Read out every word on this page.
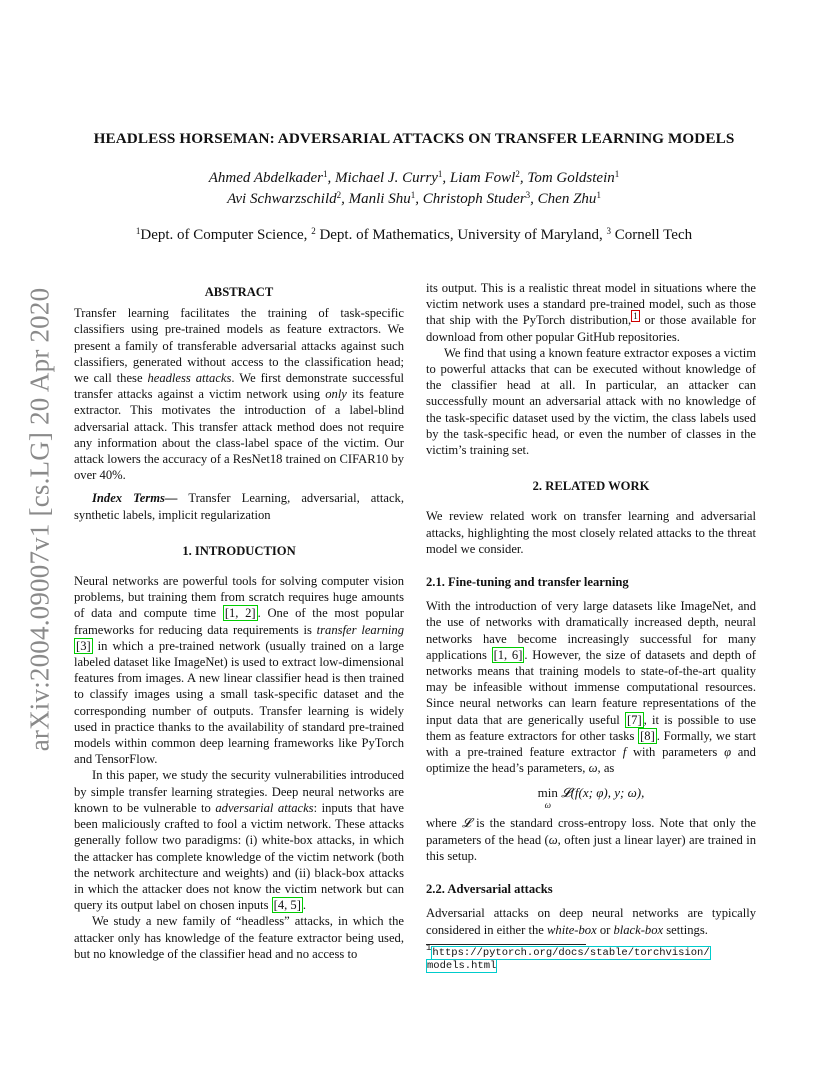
arXiv:2004.09007v1 [cs.LG] 20 Apr 2020
HEADLESS HORSEMAN: ADVERSARIAL ATTACKS ON TRANSFER LEARNING MODELS
Ahmed Abdelkader$^1$, Michael J. Curry$^1$, Liam Fowl$^2$, Tom Goldstein$^1$
Avi Schwarzschild$^2$, Manli Shu$^1$, Christoph Studer$^3$, Chen Zhu$^1$
$^1$Dept. of Computer Science, $^2$ Dept. of Mathematics, University of Maryland, $^3$ Cornell Tech

ABSTRACT

Transfer learning facilitates the training of task-specific classifiers using pre-trained models as feature extractors. We present a family of transferable adversarial attacks against such classifiers, generated without access to the classification head; we call these headless attacks. We first demonstrate successful transfer attacks against a victim network using only its feature extractor. This motivates the introduction of a label-blind adversarial attack. This transfer attack method does not require any information about the class-label space of the victim. Our attack lowers the accuracy of a ResNet18 trained on CIFAR10 by over 40%.

Index Terms— Transfer Learning, adversarial, attack, synthetic labels, implicit regularization

1. INTRODUCTION

Neural networks are powerful tools for solving computer vision problems, but training them from scratch requires huge amounts of data and compute time [1, 2] . One of the most popular frameworks for reducing data requirements is transfer learning [3] in which a pre-trained network (usually trained on a large labeled dataset like ImageNet) is used to extract low-dimensional features from images. A new linear classifier head is then trained to classify images using a small task-specific dataset and the corresponding number of outputs. Transfer learning is widely used in practice thanks to the availability of standard pre-trained models within common deep learning frameworks like PyTorch and TensorFlow.

In this paper, we study the security vulnerabilities introduced by simple transfer learning strategies. Deep neural networks are known to be vulnerable to adversarial attacks: inputs that have been maliciously crafted to fool a victim network. These attacks generally follow two paradigms: (i) white-box attacks, in which the attacker has complete knowledge of the victim network (both the network architecture and weights) and (ii) black-box attacks in which the attacker does not know the victim network but can query its output label on chosen inputs [4, 5] .

We study a new family of “headless” attacks, in which the attacker only has knowledge of the feature extractor being used, but no knowledge of the classifier head and no access to

its output. This is a realistic threat model in situations where the victim network uses a standard pre-trained model, such as those that ship with the PyTorch distribution, $^1$ or those available for download from other popular GitHub repositories.

We find that using a known feature extractor exposes a victim to powerful attacks that can be executed without knowledge of the classifier head at all. In particular, an attacker can successfully mount an adversarial attack with no knowledge of the task-specific dataset used by the victim, the class labels used by the task-specific head, or even the number of classes in the victim’s training set.

2. RELATED WORK

We review related work on transfer learning and adversarial attacks, highlighting the most closely related attacks to the threat model we consider.

2.1. Fine-tuning and transfer learning

With the introduction of very large datasets like ImageNet, and the use of networks with dramatically increased depth, neural networks have become increasingly successful for many applications [1, 6] . However, the size of datasets and depth of networks means that training models to state-of-the-art quality may be infeasible without immense computational resources. Since neural networks can learn feature representations of the input data that are generically useful [7] , it is possible to use them as feature extractors for other tasks [8] . Formally, we start with a pre-trained feature extractor f with parameters φ and optimize the head’s parameters, ω, as

min

ω
𝓛(f(x; φ), y; ω),

where 𝓛 is the standard cross-entropy loss. Note that only the parameters of the head (ω, often just a linear layer) are trained in this setup.

2.2. Adversarial attacks

Adversarial attacks on deep neural networks are typically considered in either the white-box or black-box settings.

$^1$https://pytorch.org/docs/stable/torchvision/
models.html
